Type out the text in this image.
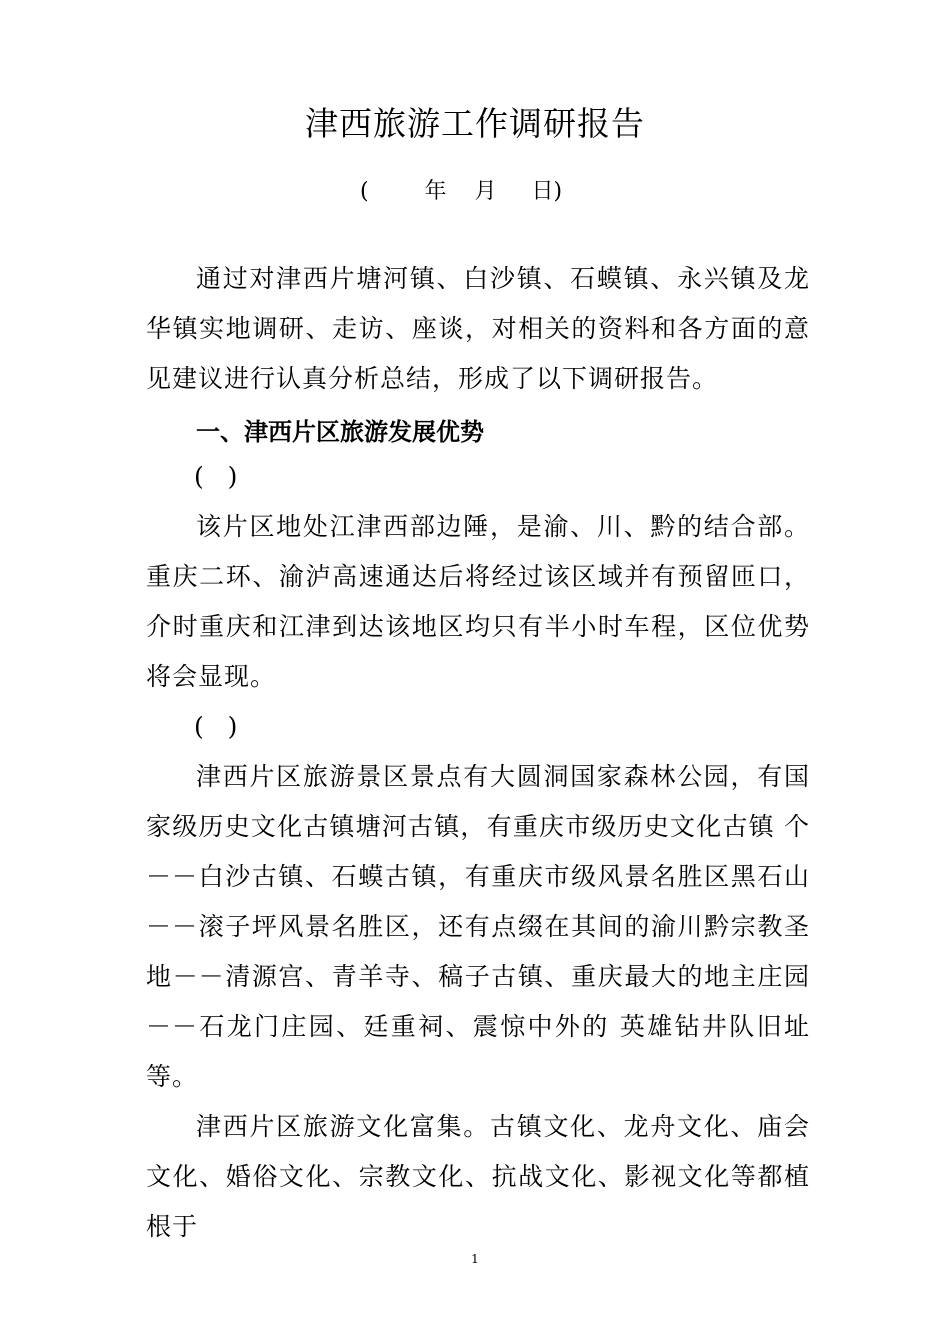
津西旅游工作调研报告
(        年    月     日)

通过对津西片塘河镇、白沙镇、石蟆镇、永兴镇及龙华镇实地调研、走访、座谈，对相关的资料和各方面的意见建议进行认真分析总结，形成了以下调研报告。

一、津西片区旅游发展优势
(   )

该片区地处江津西部边陲，是渝、川、黔的结合部。重庆二环、渝泸高速通达后将经过该区域并有预留匝口，介时重庆和江津到达该地区均只有半小时车程，区位优势将会显现。

(   )

津西片区旅游景区景点有大圆洞国家森林公园，有国家级历史文化古镇塘河古镇，有重庆市级历史文化古镇 个－－白沙古镇、石蟆古镇，有重庆市级风景名胜区黑石山－－滚子坪风景名胜区，还有点缀在其间的渝川黔宗教圣地－－清源宫、青羊寺、稿子古镇、重庆最大的地主庄园－－石龙门庄园、廷重祠、震惊中外的 英雄钻井队旧址等。

津西片区旅游文化富集。古镇文化、龙舟文化、庙会文化、婚俗文化、宗教文化、抗战文化、影视文化等都植根于

1
